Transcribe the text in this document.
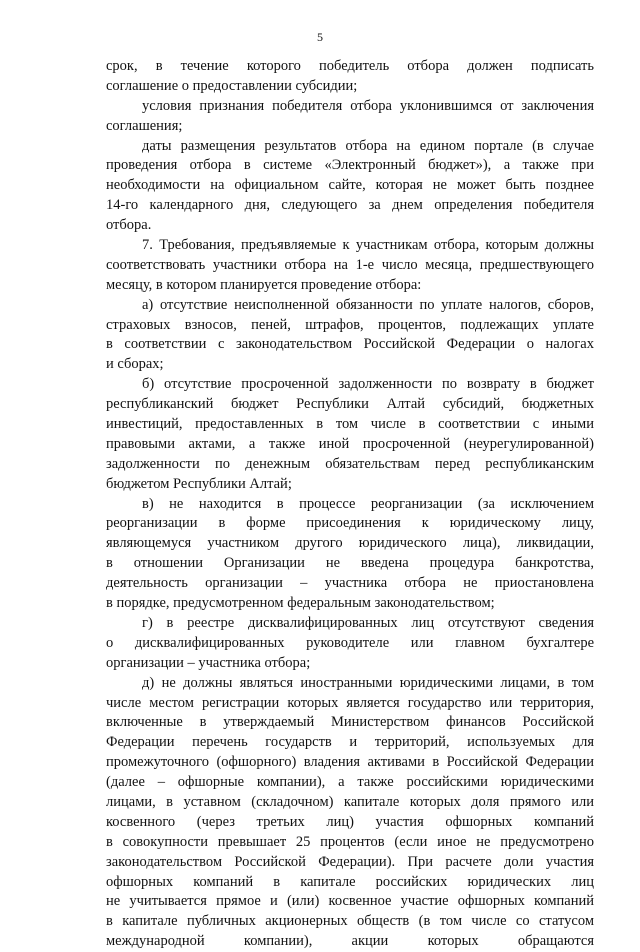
5
срок, в течение которого победитель отбора должен подписать
соглашение о предоставлении субсидии;
условия признания победителя отбора уклонившимся от заключения
соглашения;
даты размещения результатов отбора на едином портале (в случае
проведения отбора в системе «Электронный бюджет»), а также при
необходимости на официальном сайте, которая не может быть позднее
14-го календарного дня, следующего за днем определения победителя
отбора.
7. Требования, предъявляемые к участникам отбора, которым должны
соответствовать участники отбора на 1-е число месяца, предшествующего
месяцу, в котором планируется проведение отбора:
а) отсутствие неисполненной обязанности по уплате налогов, сборов,
страховых взносов, пеней, штрафов, процентов, подлежащих уплате
в соответствии с законодательством Российской Федерации о налогах
и сборах;
б) отсутствие просроченной задолженности по возврату в бюджет
республиканский бюджет Республики Алтай субсидий, бюджетных
инвестиций, предоставленных в том числе в соответствии с иными
правовыми актами, а также иной просроченной (неурегулированной)
задолженности по денежным обязательствам перед республиканским
бюджетом Республики Алтай;
в) не находится в процессе реорганизации (за исключением
реорганизации в форме присоединения к юридическому лицу,
являющемуся участником другого юридического лица), ликвидации,
в отношении Организации не введена процедура банкротства,
деятельность организации – участника отбора не приостановлена
в порядке, предусмотренном федеральным законодательством;
г) в реестре дисквалифицированных лиц отсутствуют сведения
о дисквалифицированных руководителе или главном бухгалтере
организации – участника отбора;
д) не должны являться иностранными юридическими лицами, в том
числе местом регистрации которых является государство или территория,
включенные в утверждаемый Министерством финансов Российской
Федерации перечень государств и территорий, используемых для
промежуточного (офшорного) владения активами в Российской Федерации
(далее – офшорные компании), а также российскими юридическими
лицами, в уставном (складочном) капитале которых доля прямого или
косвенного (через третьих лиц) участия офшорных компаний
в совокупности превышает 25 процентов (если иное не предусмотрено
законодательством Российской Федерации). При расчете доли участия
офшорных компаний в капитале российских юридических лиц
не учитывается прямое и (или) косвенное участие офшорных компаний
в капитале публичных акционерных обществ (в том числе со статусом
международной компании), акции которых обращаются
